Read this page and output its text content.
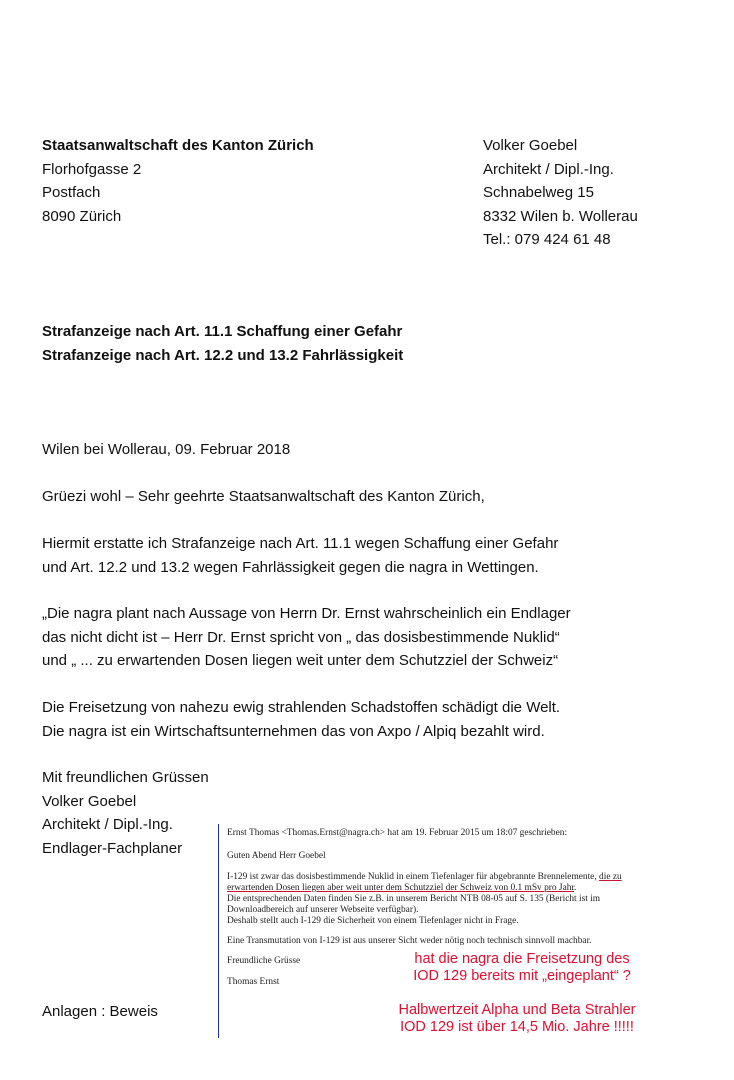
Staatsanwaltschaft des Kanton Zürich
Florhofgasse 2
Postfach
8090 Zürich
Volker Goebel
Architekt / Dipl.-Ing.
Schnabelweg 15
8332 Wilen b. Wollerau
Tel.: 079 424 61 48
Strafanzeige nach Art. 11.1 Schaffung einer Gefahr
Strafanzeige nach Art. 12.2 und 13.2 Fahrlässigkeit
Wilen bei Wollerau, 09. Februar 2018
Grüezi wohl – Sehr geehrte Staatsanwaltschaft des Kanton Zürich,
Hiermit erstatte ich Strafanzeige nach Art. 11.1 wegen Schaffung einer Gefahr
und Art. 12.2 und 13.2 wegen Fahrlässigkeit gegen die nagra in Wettingen.
„Die nagra plant nach Aussage von Herrn Dr. Ernst wahrscheinlich ein Endlager
das nicht dicht ist – Herr Dr. Ernst spricht von „ das dosisbestimmende Nuklid“
und „ ... zu erwartenden Dosen liegen weit unter dem Schutzziel der Schweiz“
Die Freisetzung von nahezu ewig strahlenden Schadstoffen schädigt die Welt.
Die nagra ist ein Wirtschaftsunternehmen das von Axpo / Alpiq bezahlt wird.
Mit freundlichen Grüssen
Volker Goebel
Architekt / Dipl.-Ing.
Endlager-Fachplaner
Anlagen : Beweis
Ernst Thomas <Thomas.Ernst@nagra.ch> hat am 19. Februar 2015 um 18:07 geschrieben:
Guten Abend Herr Goebel
I-129 ist zwar das dosisbestimmende Nuklid in einem Tiefenlager für abgebrannte Brennelemente, die zu
erwartenden Dosen liegen aber weit unter dem Schutzziel der Schweiz von 0.1 mSv pro Jahr.
Die entsprechenden Daten finden Sie z.B. in unserem Bericht NTB 08-05 auf S. 135 (Bericht ist im
Downloadbereich auf unserer Webseite verfügbar).
Deshalb stellt auch I-129 die Sicherheit von einem Tiefenlager nicht in Frage.
Eine Transmutation von I-129 ist aus unserer Sicht weder nötig noch technisch sinnvoll machbar.
Freundliche Grüsse
Thomas Ernst
hat die nagra die Freisetzung des
IOD 129 bereits mit „eingeplant“ ?
Halbwertzeit Alpha und Beta Strahler
IOD 129 ist über 14,5 Mio. Jahre !!!!!
